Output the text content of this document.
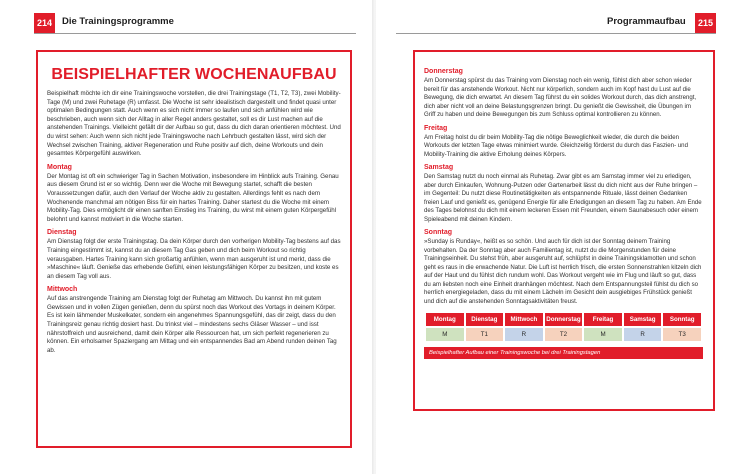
214	Die Trainingsprogramme
BEISPIELHAFTER WOCHENAUFBAU

Beispielhaft möchte ich dir eine Trainingswoche vorstellen, die drei Trainingstage (T1, T2, T3), zwei Mobility-Tage (M) und zwei Ruhetage (R) umfasst. Die Woche ist sehr idealistisch dargestellt und findet quasi unter optimalen Bedingungen statt. Auch wenn es sich nicht immer so laufen und sich anfühlen wird wie beschrieben, auch wenn sich der Alltag in aller Regel anders gestaltet, soll es dir Lust machen auf die anstehenden Trainings. Vielleicht gefällt dir der Aufbau so gut, dass du dich daran orientieren möchtest. Und du wirst sehen: Auch wenn sich nicht jede Trainingswoche nach Lehrbuch gestalten lässt, wird sich der Wechsel zwischen Training, aktiver Regeneration und Ruhe positiv auf dich, deine Workouts und dein gesamtes Körpergefühl auswirken.

Montag

Der Montag ist oft ein schwieriger Tag in Sachen Motivation, insbesondere im Hinblick aufs Training. Genau aus diesem Grund ist er so wichtig. Denn wer die Woche mit Bewegung startet, schafft die besten Voraussetzungen dafür, auch den Verlauf der Woche aktiv zu gestalten. Allerdings fehlt es nach dem Wochenende manchmal am nötigen Biss für ein hartes Training. Daher startest du die Woche mit einem Mobility-Tag. Dies ermöglicht dir einen sanften Einstieg ins Training, du wirst mit einem guten Körpergefühl belohnt und kannst motiviert in die Woche starten.

Dienstag

Am Dienstag folgt der erste Trainingstag. Da dein Körper durch den vorherigen Mobility-Tag bestens auf das Training eingestimmt ist, kannst du an diesem Tag Gas geben und dich beim Workout so richtig verausgaben. Hartes Training kann sich großartig anfühlen, wenn man ausgeruht ist und merkt, dass die »Maschine« läuft. Genieße das erhebende Gefühl, einen leistungsfähigen Körper zu besitzen, und koste es an diesem Tag voll aus.

Mittwoch

Auf das anstrengende Training am Dienstag folgt der Ruhetag am Mittwoch. Du kannst ihn mit gutem Gewissen und in vollen Zügen genießen, denn du spürst noch das Workout des Vortags in deinem Körper. Es ist kein lähmender Muskelkater, sondern ein angenehmes Spannungsgefühl, das dir zeigt, dass du den Trainingsreiz genau richtig dosiert hast. Du trinkst viel – mindestens sechs Gläser Wasser – und isst nährstoffreich und ausreichend, damit dein Körper alle Ressourcen hat, um sich perfekt regenerieren zu können. Ein erholsamer Spaziergang am Mittag und ein entspannendes Bad am Abend runden deinen Tag ab.

Programmaufbau	215
Donnerstag

Am Donnerstag spürst du das Training vom Dienstag noch ein wenig, fühlst dich aber schon wieder bereit für das anstehende Workout. Nicht nur körperlich, sondern auch im Kopf hast du Lust auf die Bewegung, die dich erwartet. An diesem Tag führst du ein solides Workout durch, das dich anstrengt, dich aber nicht voll an deine Belastungsgrenzen bringt. Du genießt die Gewissheit, die Übungen im Griff zu haben und deine Bewegungen bis zum Schluss optimal kontrollieren zu können.

Freitag

Am Freitag holst du dir beim Mobility-Tag die nötige Beweglichkeit wieder, die durch die beiden Workouts der letzten Tage etwas minimiert wurde. Gleichzeitig förderst du durch das Faszien- und Mobility-Training die aktive Erholung deines Körpers.

Samstag

Den Samstag nutzt du noch einmal als Ruhetag. Zwar gibt es am Samstag immer viel zu erledigen, aber durch Einkaufen, Wohnung-Putzen oder Gartenarbeit lässt du dich nicht aus der Ruhe bringen – im Gegenteil: Du nutzt diese Routinetätigkeiten als entspannende Rituale, lässt deinen Gedanken freien Lauf und genießt es, genügend Energie für alle Erledigungen an diesem Tag zu haben. Am Ende des Tages belohnst du dich mit einem leckeren Essen mit Freunden, einem Saunabesuch oder einem Spieleabend mit deinen Kindern.

Sonntag

»Sunday is Runday«, heißt es so schön. Und auch für dich ist der Sonntag deinem Training vorbehalten. Da der Sonntag aber auch Familientag ist, nutzt du die Morgenstunden für deine Trainingseinheit. Du stehst früh, aber ausgeruht auf, schlüpfst in deine Trainingsklamotten und schon geht es raus in die erwachende Natur. Die Luft ist herrlich frisch, die ersten Sonnenstrahlen kitzeln dich auf der Haut und du fühlst dich rundum wohl. Das Workout vergeht wie im Flug und läuft so gut, dass du am liebsten noch eine Einheit dranhängen möchtest. Nach dem Entspannungsteil fühlst du dich so herrlich energiegeladen, dass du mit einem Lächeln im Gesicht dein ausgiebiges Frühstück genießt und dich auf die anstehenden Sonntagsaktivitäten freust.

Montag	Dienstag	Mittwoch	Donnerstag	Freitag	Samstag	Sonntag
M	T1	R	T2	M	R	T3
Beispielhafter Aufbau einer Trainingswoche bei drei Trainingstagen
